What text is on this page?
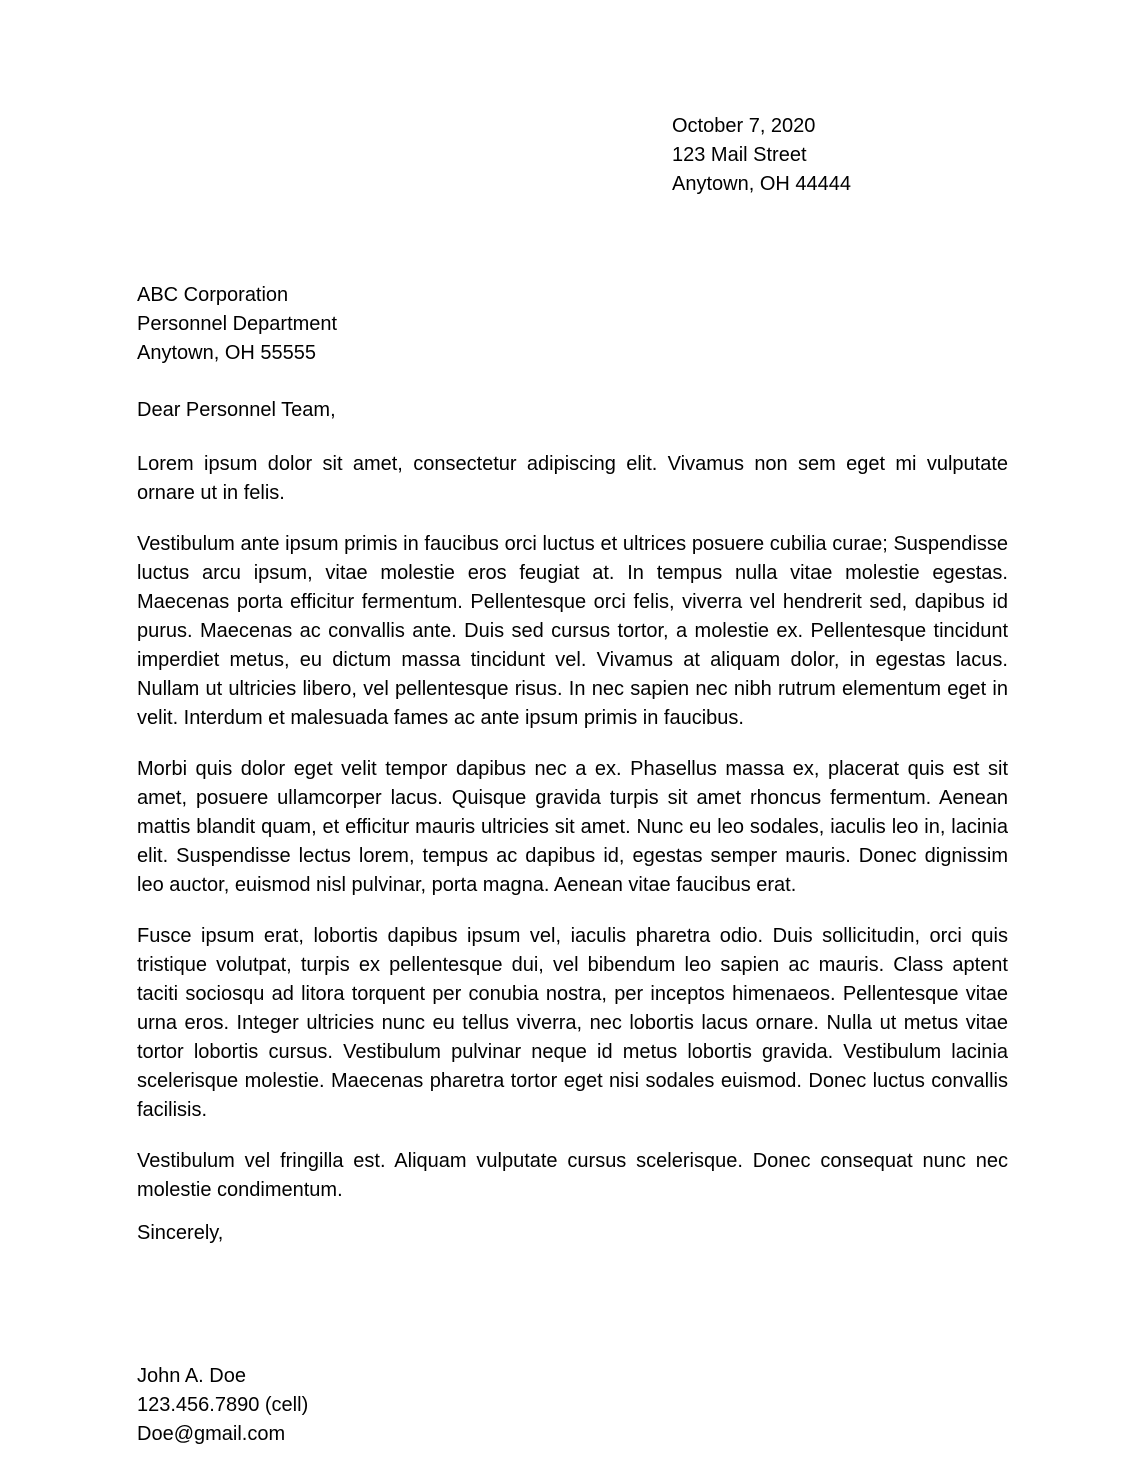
October 7, 2020
123 Mail Street
Anytown, OH 44444
ABC Corporation
Personnel Department
Anytown, OH 55555
Dear Personnel Team,
Lorem ipsum dolor sit amet, consectetur adipiscing elit. Vivamus non sem eget mi vulputate ornare ut in felis.
Vestibulum ante ipsum primis in faucibus orci luctus et ultrices posuere cubilia curae; Suspendisse luctus arcu ipsum, vitae molestie eros feugiat at. In tempus nulla vitae molestie egestas. Maecenas porta efficitur fermentum. Pellentesque orci felis, viverra vel hendrerit sed, dapibus id purus. Maecenas ac convallis ante. Duis sed cursus tortor, a molestie ex. Pellentesque tincidunt imperdiet metus, eu dictum massa tincidunt vel. Vivamus at aliquam dolor, in egestas lacus. Nullam ut ultricies libero, vel pellentesque risus. In nec sapien nec nibh rutrum elementum eget in velit. Interdum et malesuada fames ac ante ipsum primis in faucibus.
Morbi quis dolor eget velit tempor dapibus nec a ex. Phasellus massa ex, placerat quis est sit amet, posuere ullamcorper lacus. Quisque gravida turpis sit amet rhoncus fermentum. Aenean mattis blandit quam, et efficitur mauris ultricies sit amet. Nunc eu leo sodales, iaculis leo in, lacinia elit. Suspendisse lectus lorem, tempus ac dapibus id, egestas semper mauris. Donec dignissim leo auctor, euismod nisl pulvinar, porta magna. Aenean vitae faucibus erat.
Fusce ipsum erat, lobortis dapibus ipsum vel, iaculis pharetra odio. Duis sollicitudin, orci quis tristique volutpat, turpis ex pellentesque dui, vel bibendum leo sapien ac mauris. Class aptent taciti sociosqu ad litora torquent per conubia nostra, per inceptos himenaeos. Pellentesque vitae urna eros. Integer ultricies nunc eu tellus viverra, nec lobortis lacus ornare. Nulla ut metus vitae tortor lobortis cursus. Vestibulum pulvinar neque id metus lobortis gravida. Vestibulum lacinia scelerisque molestie. Maecenas pharetra tortor eget nisi sodales euismod. Donec luctus convallis facilisis.
Vestibulum vel fringilla est. Aliquam vulputate cursus scelerisque. Donec consequat nunc nec molestie condimentum.
Sincerely,
John A. Doe
123.456.7890 (cell)
Doe@gmail.com
